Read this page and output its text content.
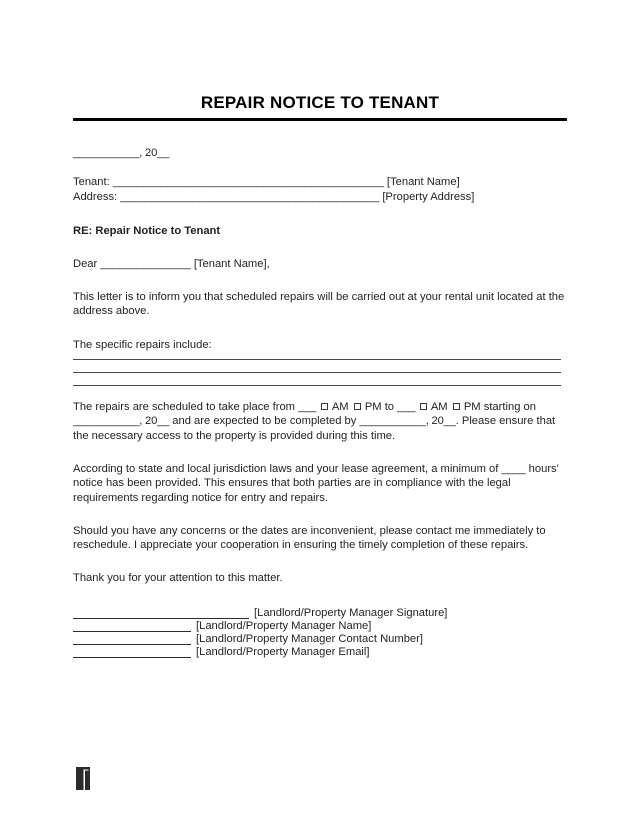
REPAIR NOTICE TO TENANT
___________, 20__
Tenant: _____________________________________________ [Tenant Name]
Address: ___________________________________________ [Property Address]
RE: Repair Notice to Tenant
Dear _______________ [Tenant Name],
This letter is to inform you that scheduled repairs will be carried out at your rental unit located at the address above.
The specific repairs include:
The repairs are scheduled to take place from ___ AM PM to ___ AM PM starting on ___________, 20__ and are expected to be completed by ___________, 20__. Please ensure that the necessary access to the property is provided during this time.
According to state and local jurisdiction laws and your lease agreement, a minimum of ____ hours' notice has been provided. This ensures that both parties are in compliance with the legal requirements regarding notice for entry and repairs.
Should you have any concerns or the dates are inconvenient, please contact me immediately to reschedule. I appreciate your cooperation in ensuring the timely completion of these repairs.
Thank you for your attention to this matter.
[Landlord/Property Manager Signature]
[Landlord/Property Manager Name]
[Landlord/Property Manager Contact Number]
[Landlord/Property Manager Email]
